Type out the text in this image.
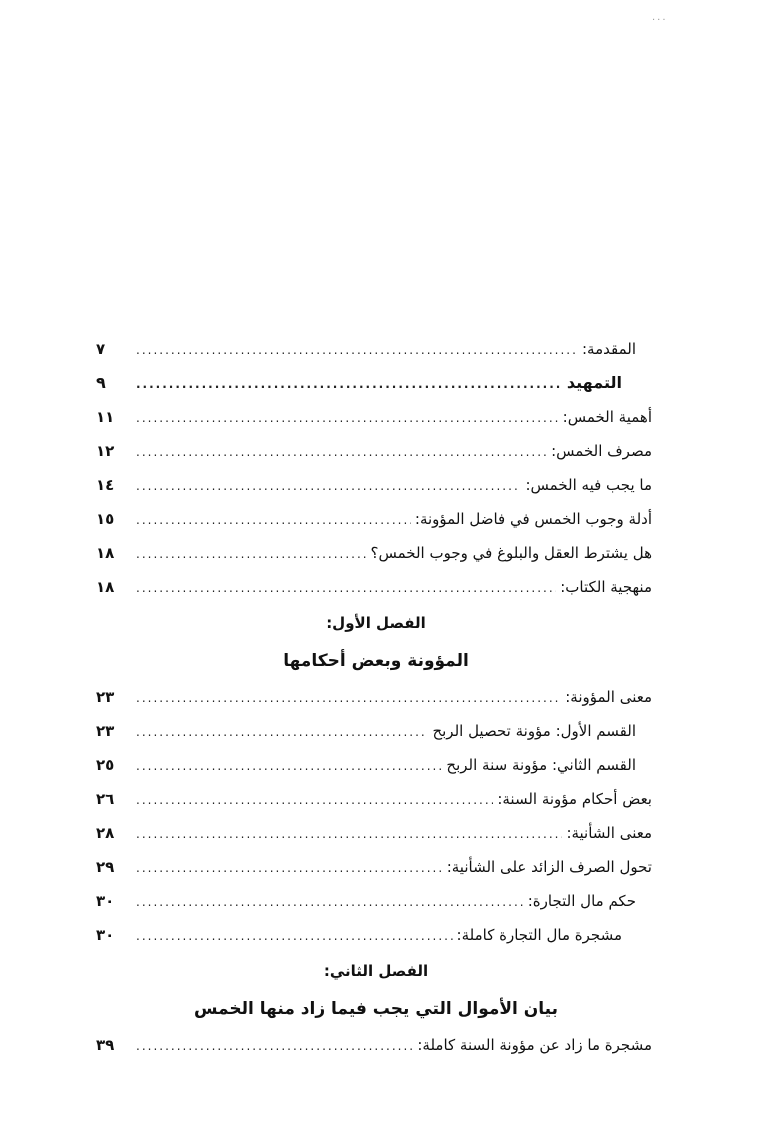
...
المقدمة:
.....
٧
التمهيد
.....
٩
أهمية الخمس:
.....
١١
مصرف الخمس:
.....
١٢
ما يجب فيه الخمس:
.....
١٤
أدلة وجوب الخمس في فاضل المؤونة:
.....
١٥
هل يشترط العقل والبلوغ في وجوب الخمس؟
.....
١٨
منهجية الكتاب:
.....
١٨
الفصل الأول:
المؤونة وبعض أحكامها
معنى المؤونة:
.....
٢٣
القسم الأول: مؤونة تحصيل الربح
.....
٢٣
القسم الثاني: مؤونة سنة الربح
.....
٢٥
بعض أحكام مؤونة السنة:
.....
٢٦
معنى الشأنية:
.....
٢٨
تحول الصرف الزائد على الشأنية:
.....
٢٩
حكم مال التجارة:
.....
٣٠
مشجرة مال التجارة كاملة:
.....
٣٠
الفصل الثاني:
بيان الأموال التي يجب فيما زاد منها الخمس
مشجرة ما زاد عن مؤونة السنة كاملة:
.....
٣٩
